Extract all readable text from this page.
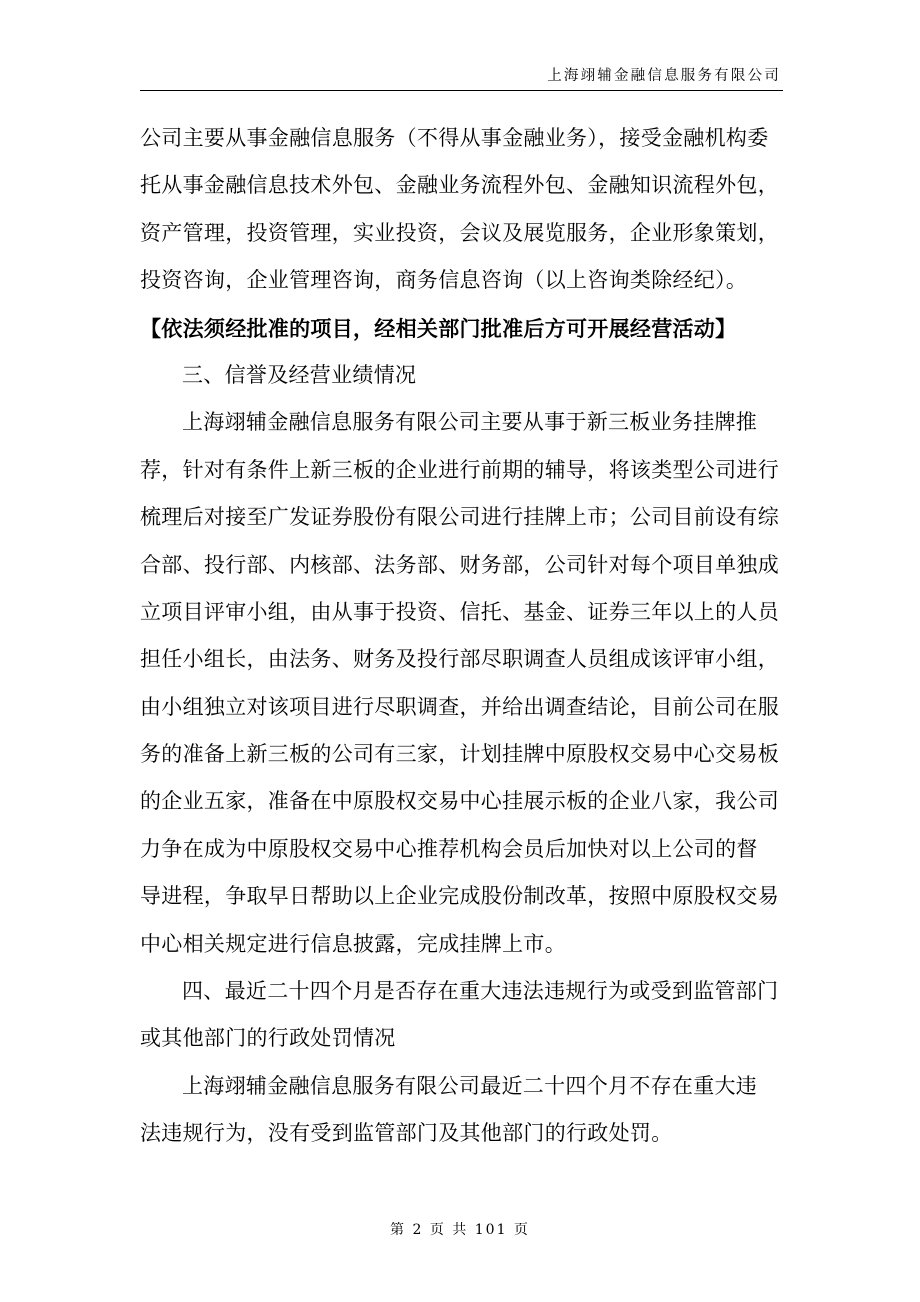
上海翊辅金融信息服务有限公司
公司主要从事金融信息服务（不得从事金融业务），接受金融机构委
托从事金融信息技术外包、金融业务流程外包、金融知识流程外包，
资产管理，投资管理，实业投资，会议及展览服务，企业形象策划，
投资咨询，企业管理咨询，商务信息咨询（以上咨询类除经纪）。
【依法须经批准的项目，经相关部门批准后方可开展经营活动】
三、信誉及经营业绩情况
上海翊辅金融信息服务有限公司主要从事于新三板业务挂牌推
荐，针对有条件上新三板的企业进行前期的辅导，将该类型公司进行
梳理后对接至广发证券股份有限公司进行挂牌上市；公司目前设有综
合部、投行部、内核部、法务部、财务部，公司针对每个项目单独成
立项目评审小组，由从事于投资、信托、基金、证券三年以上的人员
担任小组长，由法务、财务及投行部尽职调查人员组成该评审小组，
由小组独立对该项目进行尽职调查，并给出调查结论，目前公司在服
务的准备上新三板的公司有三家，计划挂牌中原股权交易中心交易板
的企业五家，准备在中原股权交易中心挂展示板的企业八家，我公司
力争在成为中原股权交易中心推荐机构会员后加快对以上公司的督
导进程，争取早日帮助以上企业完成股份制改革，按照中原股权交易
中心相关规定进行信息披露，完成挂牌上市。
四、最近二十四个月是否存在重大违法违规行为或受到监管部门
或其他部门的行政处罚情况
上海翊辅金融信息服务有限公司最近二十四个月不存在重大违
法违规行为，没有受到监管部门及其他部门的行政处罚。
第 2 页 共 101 页
